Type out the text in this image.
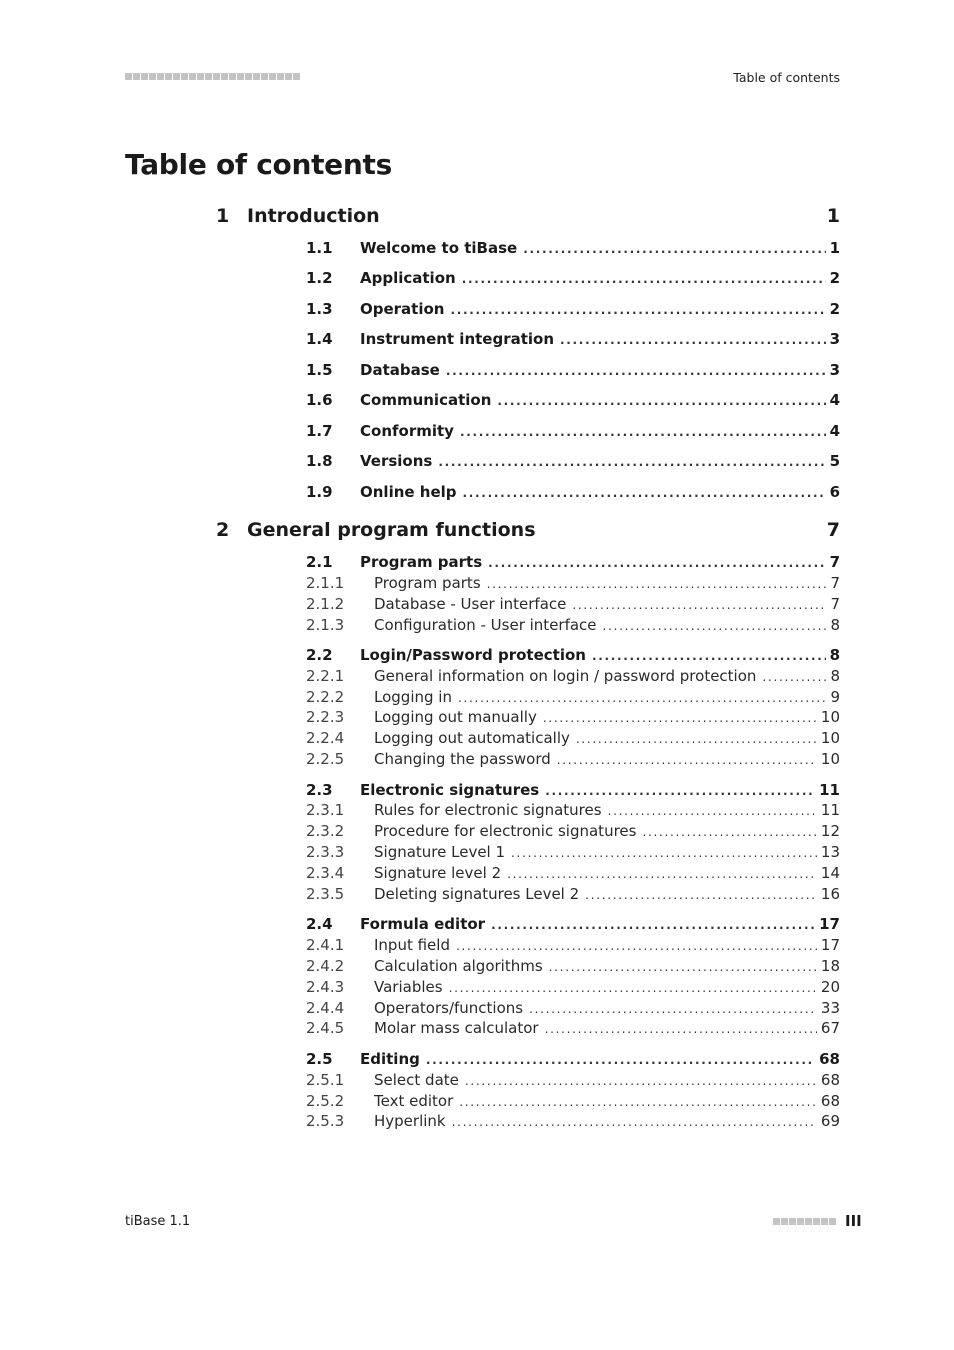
Table of contents
Table of contents
1 Introduction	1
1.1	Welcome to tiBase .....	1
1.2	Application .....	2
1.3	Operation .....	2
1.4	Instrument integration .....	3
1.5	Database .....	3
1.6	Communication .....	4
1.7	Conformity .....	4
1.8	Versions .....	5
1.9	Online help .....	6
2 General program functions	7
2.1	Program parts .....	7
2.1.1	Program parts .....	7
2.1.2	Database - User interface .....	7
2.1.3	Configuration - User interface .....	8
2.2	Login/Password protection .....	8
2.2.1	General information on login / password protection .....	8
2.2.2	Logging in .....	9
2.2.3	Logging out manually .....	10
2.2.4	Logging out automatically .....	10
2.2.5	Changing the password .....	10
2.3	Electronic signatures .....	11
2.3.1	Rules for electronic signatures .....	11
2.3.2	Procedure for electronic signatures .....	12
2.3.3	Signature Level 1 .....	13
2.3.4	Signature level 2 .....	14
2.3.5	Deleting signatures Level 2 .....	16
2.4	Formula editor .....	17
2.4.1	Input field .....	17
2.4.2	Calculation algorithms .....	18
2.4.3	Variables .....	20
2.4.4	Operators/functions .....	33
2.4.5	Molar mass calculator .....	67
2.5	Editing .....	68
2.5.1	Select date .....	68
2.5.2	Text editor .....	68
2.5.3	Hyperlink .....	69
tiBase 1.1	III
